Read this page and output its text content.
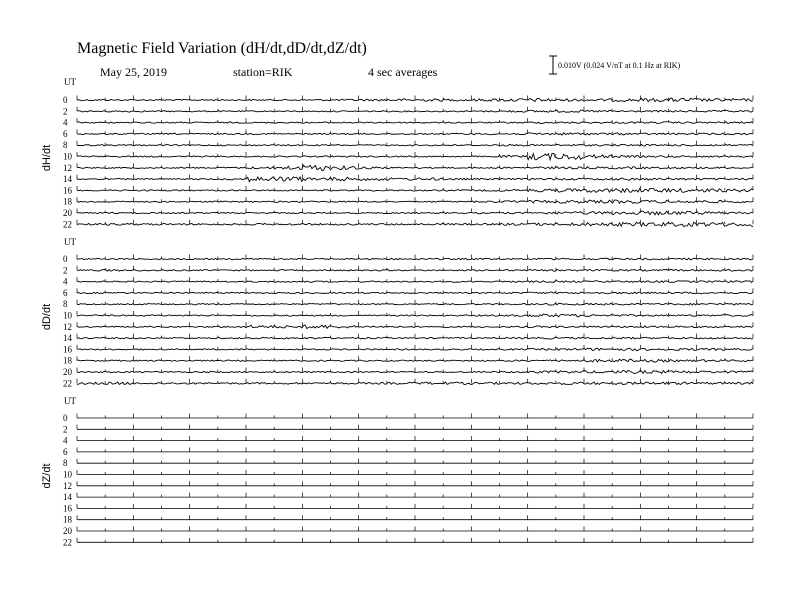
Magnetic Field Variation (dH/dt,dD/dt,dZ/dt)
May 25, 2019	station=RIK	4 sec averages	0.010V (0.024 V/nT at 0.1 Hz at RIK)
UT
dH/dt
0
2
4
6
8
10
12
14
16
18
20
22
UT
dD/dt
0
2
4
6
8
10
12
14
16
18
20
22
UT
dZ/dt
0
2
4
6
8
10
12
14
16
18
20
22
